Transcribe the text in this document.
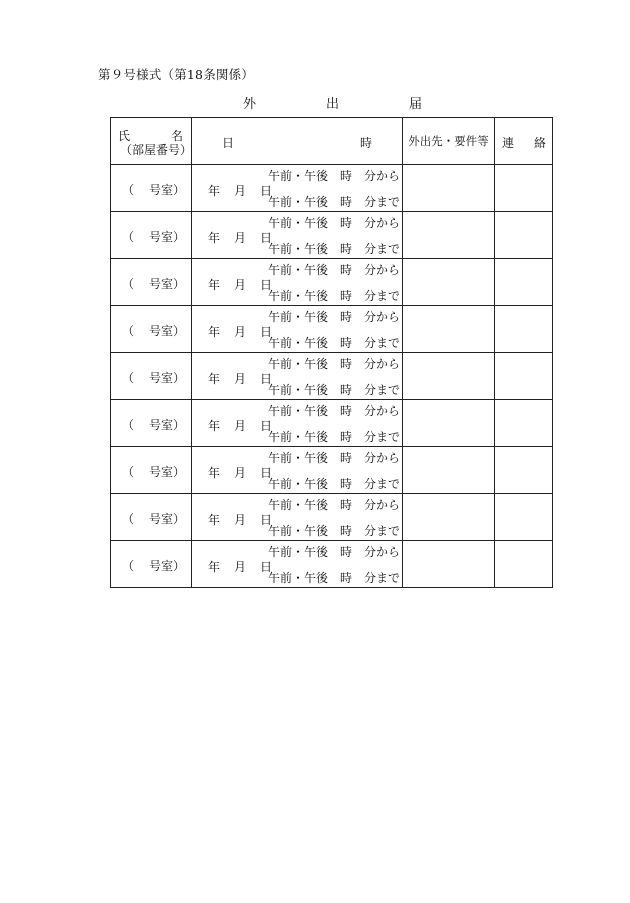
第９号様式（第18条関係）
外	出	届
氏 名
（部屋番号）	日 時	外出先・要件等	連 絡

（ 号室）	午前・午後　時　分から
年 月 日
午前・午後　時　分まで		

（ 号室）	午前・午後　時　分から
年 月 日
午前・午後　時　分まで		

（ 号室）	午前・午後　時　分から
年 月 日
午前・午後　時　分まで		

（ 号室）	午前・午後　時　分から
年 月 日
午前・午後　時　分まで		

（ 号室）	午前・午後　時　分から
年 月 日
午前・午後　時　分まで		

（ 号室）	午前・午後　時　分から
年 月 日
午前・午後　時　分まで		

（ 号室）	午前・午後　時　分から
年 月 日
午前・午後　時　分まで		

（ 号室）	午前・午後　時　分から
年 月 日
午前・午後　時　分まで		

（ 号室）	午前・午後　時　分から
年 月 日
午前・午後　時　分まで		
